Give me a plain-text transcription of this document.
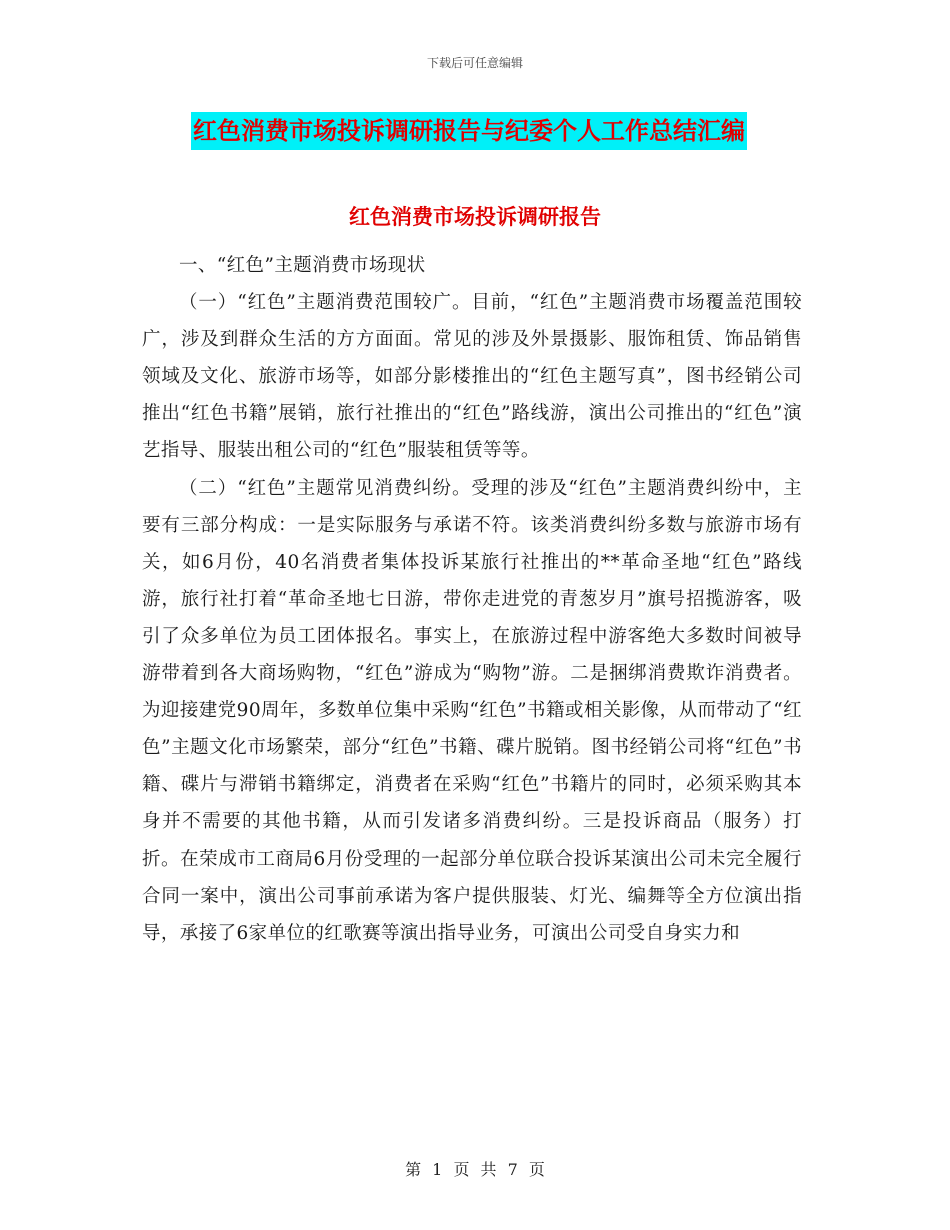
下载后可任意编辑
红色消费市场投诉调研报告与纪委个人工作总结汇编
红色消费市场投诉调研报告

一、“红色”主题消费市场现状

（一）“红色”主题消费范围较广。目前，“红色”主题消费市场覆盖范围较广，涉及到群众生活的方方面面。常见的涉及外景摄影、服饰租赁、饰品销售领域及文化、旅游市场等，如部分影楼推出的“红色主题写真”，图书经销公司推出“红色书籍”展销，旅行社推出的“红色”路线游，演出公司推出的“红色”演艺指导、服装出租公司的“红色”服装租赁等等。

（二）“红色”主题常见消费纠纷。受理的涉及“红色”主题消费纠纷中，主要有三部分构成：一是实际服务与承诺不符。该类消费纠纷多数与旅游市场有关，如6月份，40名消费者集体投诉某旅行社推出的**革命圣地“红色”路线游，旅行社打着“革命圣地七日游，带你走进党的青葱岁月”旗号招揽游客，吸引了众多单位为员工团体报名。事实上，在旅游过程中游客绝大多数时间被导游带着到各大商场购物，“红色”游成为“购物”游。二是捆绑消费欺诈消费者。为迎接建党90周年，多数单位集中采购“红色”书籍或相关影像，从而带动了“红色”主题文化市场繁荣，部分“红色”书籍、碟片脱销。图书经销公司将“红色”书籍、碟片与滞销书籍绑定，消费者在采购“红色”书籍片的同时，必须采购其本身并不需要的其他书籍，从而引发诸多消费纠纷。三是投诉商品（服务）打折。在荣成市工商局6月份受理的一起部分单位联合投诉某演出公司未完全履行合同一案中，演出公司事前承诺为客户提供服装、灯光、编舞等全方位演出指导，承接了6家单位的红歌赛等演出指导业务，可演出公司受自身实力和

第 1 页 共 7 页
